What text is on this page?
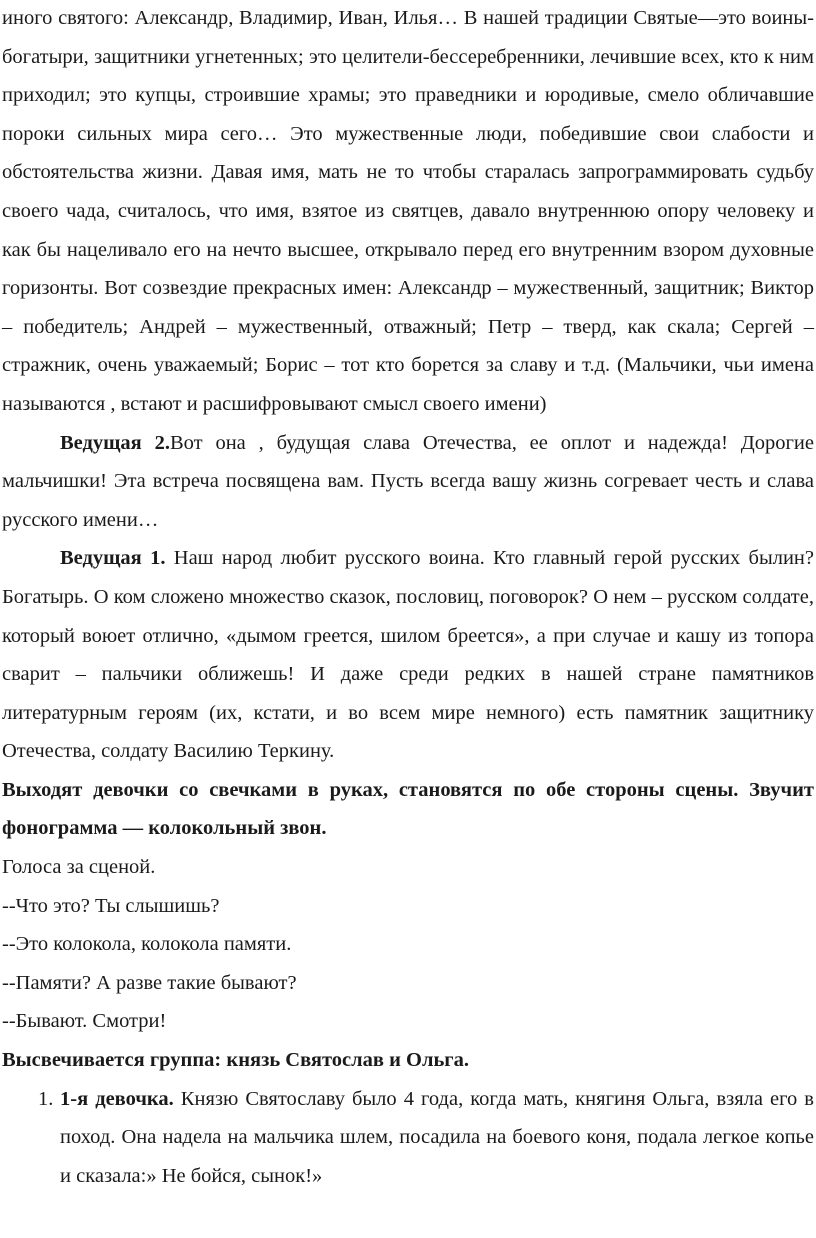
иного святого: Александр, Владимир, Иван, Илья… В нашей традиции Святые—это воины-богатыри, защитники угнетенных; это целители-бессеребренники, лечившие всех, кто к ним приходил; это купцы, строившие храмы; это праведники и юродивые, смело обличавшие пороки сильных мира сего… Это мужественные люди, победившие свои слабости и обстоятельства жизни. Давая имя, мать не то чтобы старалась запрограммировать судьбу своего чада, считалось, что имя, взятое из святцев, давало внутреннюю опору человеку и как бы нацеливало его на нечто высшее, открывало перед его внутренним взором духовные горизонты. Вот созвездие прекрасных имен: Александр – мужественный, защитник; Виктор – победитель; Андрей – мужественный, отважный; Петр – тверд, как скала; Сергей – стражник, очень уважаемый; Борис – тот кто борется за славу и т.д. (Мальчики, чьи имена называются , встают и расшифровывают смысл своего имени)

Ведущая 2.Вот она , будущая слава Отечества, ее оплот и надежда! Дорогие мальчишки! Эта встреча посвящена вам. Пусть всегда вашу жизнь согревает честь и слава русского имени…

Ведущая 1. Наш народ любит русского воина. Кто главный герой русских былин? Богатырь. О ком сложено множество сказок, пословиц, поговорок? О нем – русском солдате, который воюет отлично, «дымом греется, шилом бреется», а при случае и кашу из топора сварит – пальчики оближешь! И даже среди редких в нашей стране памятников литературным героям (их, кстати, и во всем мире немного) есть памятник защитнику Отечества, солдату Василию Теркину.

Выходят девочки со свечками в руках, становятся по обе стороны сцены. Звучит фонограмма — колокольный звон.

Голоса за сценой.

--Что это? Ты слышишь?

--Это колокола, колокола памяти.

--Памяти? А разве такие бывают?

--Бывают. Смотри!

Высвечивается группа: князь Святослав и Ольга.

1. 1-я девочка. Князю Святославу было 4 года, когда мать, княгиня Ольга, взяла его в поход. Она надела на мальчика шлем, посадила на боевого коня, подала легкое копье и сказала:» Не бойся, сынок!»
